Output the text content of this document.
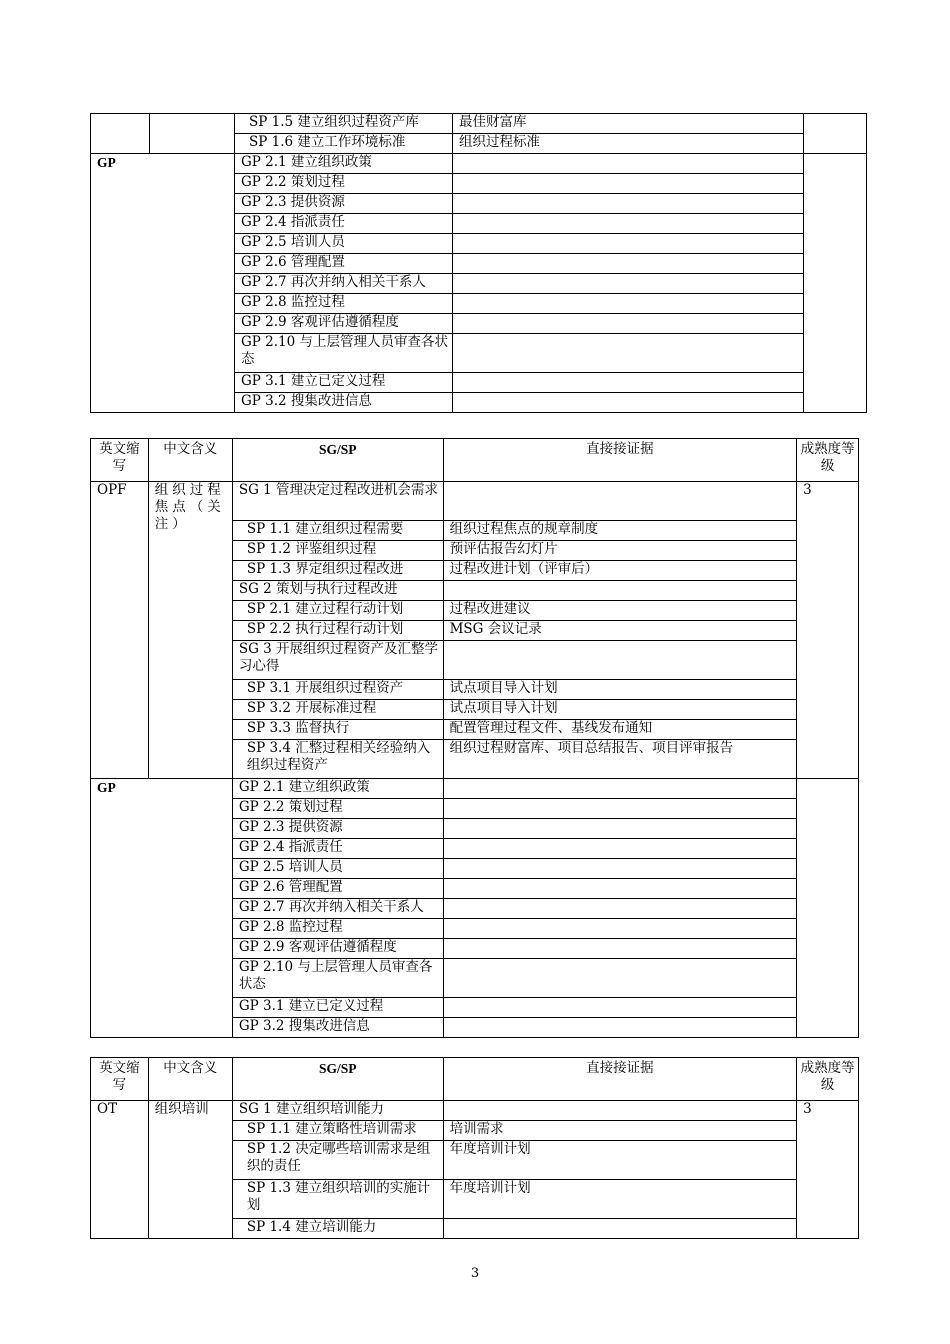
		SP 1.5 建立组织过程资产库	最佳财富库	
		SP 1.6 建立工作环境标准	组织过程标准	
GP		GP 2.1 建立组织政策		
		GP 2.2 策划过程		
		GP 2.3 提供资源		
		GP 2.4 指派责任		
		GP 2.5 培训人员		
		GP 2.6 管理配置		
		GP 2.7 再次并纳入相关干系人		
		GP 2.8 监控过程		
		GP 2.9 客观评估遵循程度		
		GP 2.10 与上层管理人员审查各状态		
		GP 3.1 建立已定义过程		
		GP 3.2 搜集改进信息		
英文缩写	中文含义	SG/SP	直接接证据	成熟度等级
OPF	组织过程焦点（关注）	SG 1 管理决定过程改进机会需求		3
		SP 1.1 建立组织过程需要	组织过程焦点的规章制度	
		SP 1.2 评鉴组织过程	预评估报告幻灯片	
		SP 1.3 界定组织过程改进	过程改进计划（评审后）	
		SG 2 策划与执行过程改进		
		SP 2.1 建立过程行动计划	过程改进建议	
		SP 2.2 执行过程行动计划	MSG 会议记录	
		SG 3 开展组织过程资产及汇整学习心得		
		SP 3.1 开展组织过程资产	试点项目导入计划	
		SP 3.2 开展标准过程	试点项目导入计划	
		SP 3.3 监督执行	配置管理过程文件、基线发布通知	
		SP 3.4 汇整过程相关经验纳入组织过程资产	组织过程财富库、项目总结报告、项目评审报告	
GP		GP 2.1 建立组织政策		
		GP 2.2 策划过程		
		GP 2.3 提供资源		
		GP 2.4 指派责任		
		GP 2.5 培训人员		
		GP 2.6 管理配置		
		GP 2.7 再次并纳入相关干系人		
		GP 2.8 监控过程		
		GP 2.9 客观评估遵循程度		
		GP 2.10 与上层管理人员审查各状态		
		GP 3.1 建立已定义过程		
		GP 3.2 搜集改进信息		
英文缩写	中文含义	SG/SP	直接接证据	成熟度等级
OT	组织培训	SG 1 建立组织培训能力		3
		SP 1.1 建立策略性培训需求	培训需求	
		SP 1.2 决定哪些培训需求是组织的责任	年度培训计划	
		SP 1.3 建立组织培训的实施计划	年度培训计划	
		SP 1.4 建立培训能力		
3
